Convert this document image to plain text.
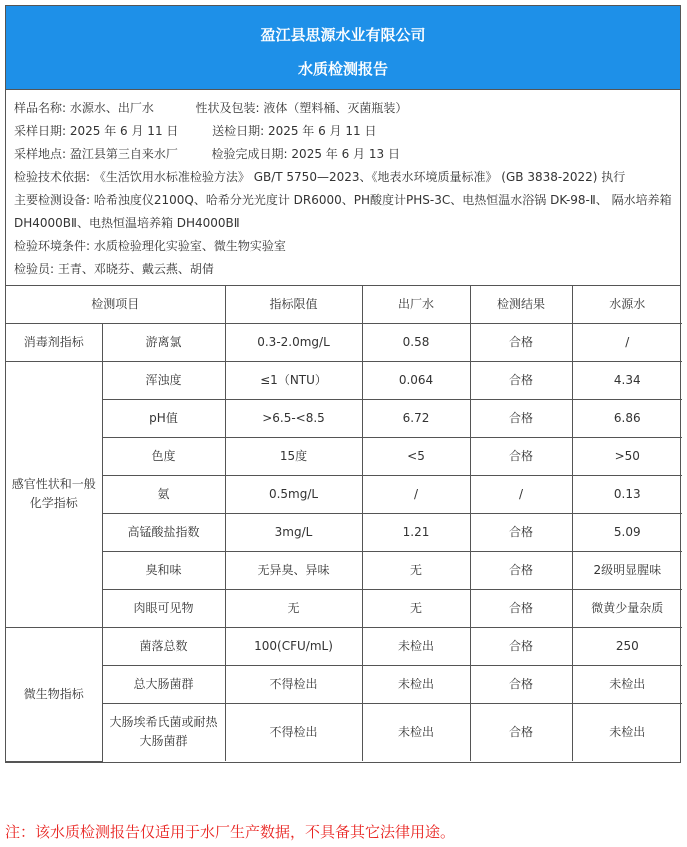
盈江县思源水业有限公司
水质检测报告
样品名称: 水源水、出厂水	性状及包装: 液体（塑料桶、灭菌瓶装）
采样日期: 2025 年 6 月 11 日	送检日期: 2025 年 6 月 11 日
采样地点: 盈江县第三自来水厂	检验完成日期: 2025 年 6 月 13 日
检验技术依据: 《生活饮用水标准检验方法》 GB/T 5750—2023、《地表水环境质量标准》 (GB 3838-2022) 执行
主要检测设备: 哈希浊度仪2100Q、哈希分光光度计 DR6000、PH酸度计PHS-3C、电热恒温水浴锅 DK-98-Ⅱ、 隔水培养箱DH4000BⅡ、电热恒温培养箱 DH4000BⅡ
检验环境条件: 水质检验理化实验室、微生物实验室
检验员: 王青、邓晓芬、戴云燕、胡倩
检测项目		指标限值	出厂水	检测结果	水源水
消毒剂指标	游离氯	0.3-2.0mg/L	0.58	合格	/
感官性状和一般化学指标	浑浊度	≤1（NTU）	0.064	合格	4.34
	pH值	>6.5-<8.5	6.72	合格	6.86
	色度	15度	<5	合格	>50
	氨	0.5mg/L	/	/	0.13
	高锰酸盐指数	3mg/L	1.21	合格	5.09
	臭和味	无异臭、异味	无	合格	2级明显腥味
	肉眼可见物	无	无	合格	微黄少量杂质
微生物指标	菌落总数	100(CFU/mL)	未检出	合格	250
	总大肠菌群	不得检出	未检出	合格	未检出
	大肠埃希氏菌或耐热大肠菌群	不得检出	未检出	合格	未检出
注：该水质检测报告仅适用于水厂生产数据，不具备其它法律用途。
